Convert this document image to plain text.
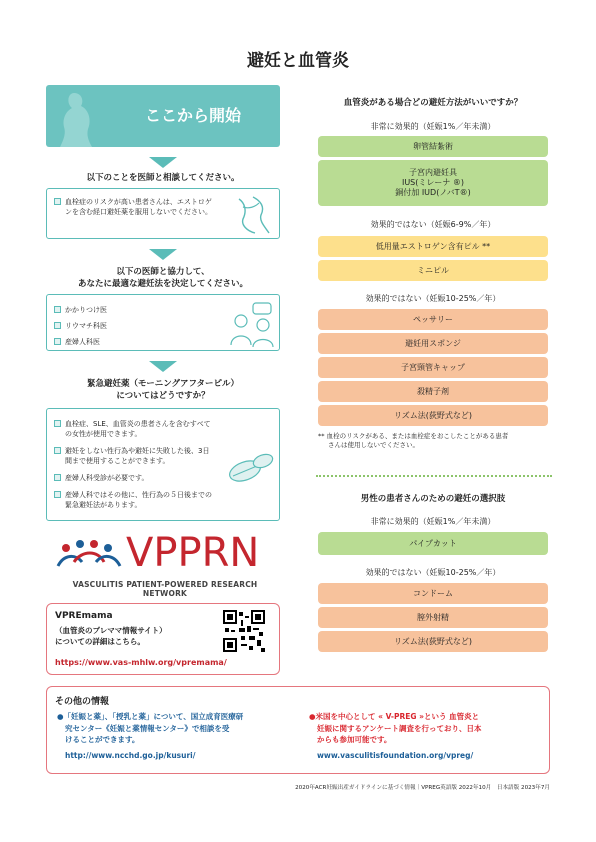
避妊と血管炎
ここから開始
以下のことを医師と相談してください。
血栓症のリスクが高い患者さんは、エストロゲンを含む経口避妊薬を服用しないでください。
以下の医師と協力して、
あなたに最適な避妊法を決定してください。
かかりつけ医
リウマチ科医
産婦人科医
緊急避妊薬（モーニングアフターピル）
についてはどうですか？
血栓症、SLE、血管炎の患者さんを含むすべての女性が使用できます。
避妊をしない性行為や避妊に失敗した後、3日間まで使用することができます。
産婦人科受診が必要です。
産婦人科ではその他に、性行為の５日後までの緊急避妊法があります。
VPPRN
VASCULITIS PATIENT-POWERED RESEARCH NETWORK
VPREmama
（血管炎のプレママ情報サイト）
についての詳細はこちら。
https://www.vas-mhlw.org/vpremama/
血管炎がある場合どの避妊方法がいいですか？
非常に効果的（妊娠1%／年未満）
卵管結紮術
子宮内避妊具
IUS(ミレーナ ®)
銅付加 IUD(ノバT®)
効果的ではない（妊娠6-9%／年）
低用量エストロゲン含有ピル **
ミニピル
効果的ではない（妊娠10-25%／年）
ペッサリー
避妊用スポンジ
子宮頸管キャップ
殺精子剤
リズム法(荻野式など)
** 血栓のリスクがある、または血栓症をおこしたことがある患者
さんは使用しないでください。
男性の患者さんのための避妊の選択肢
非常に効果的（妊娠1%／年未満）
パイプカット
効果的ではない（妊娠10-25%／年）
コンドーム
膣外射精
リズム法(荻野式など)
その他の情報
●「妊娠と薬」、「授乳と薬」について、国立成育医療研
究センター《妊娠と薬情報センター》で相談を受
けることができます。
http://www.ncchd.go.jp/kusuri/
●米国を中心として « V-PREG »という 血管炎と
妊娠に関するアンケート調査を行っており、日本
からも参加可能です。
www.vasculitisfoundation.org/vpreg/
2020年ACR妊娠出産ガイドラインに基づく情報｜VPREG英語版 2022年10月　日本語版 2023年7月
